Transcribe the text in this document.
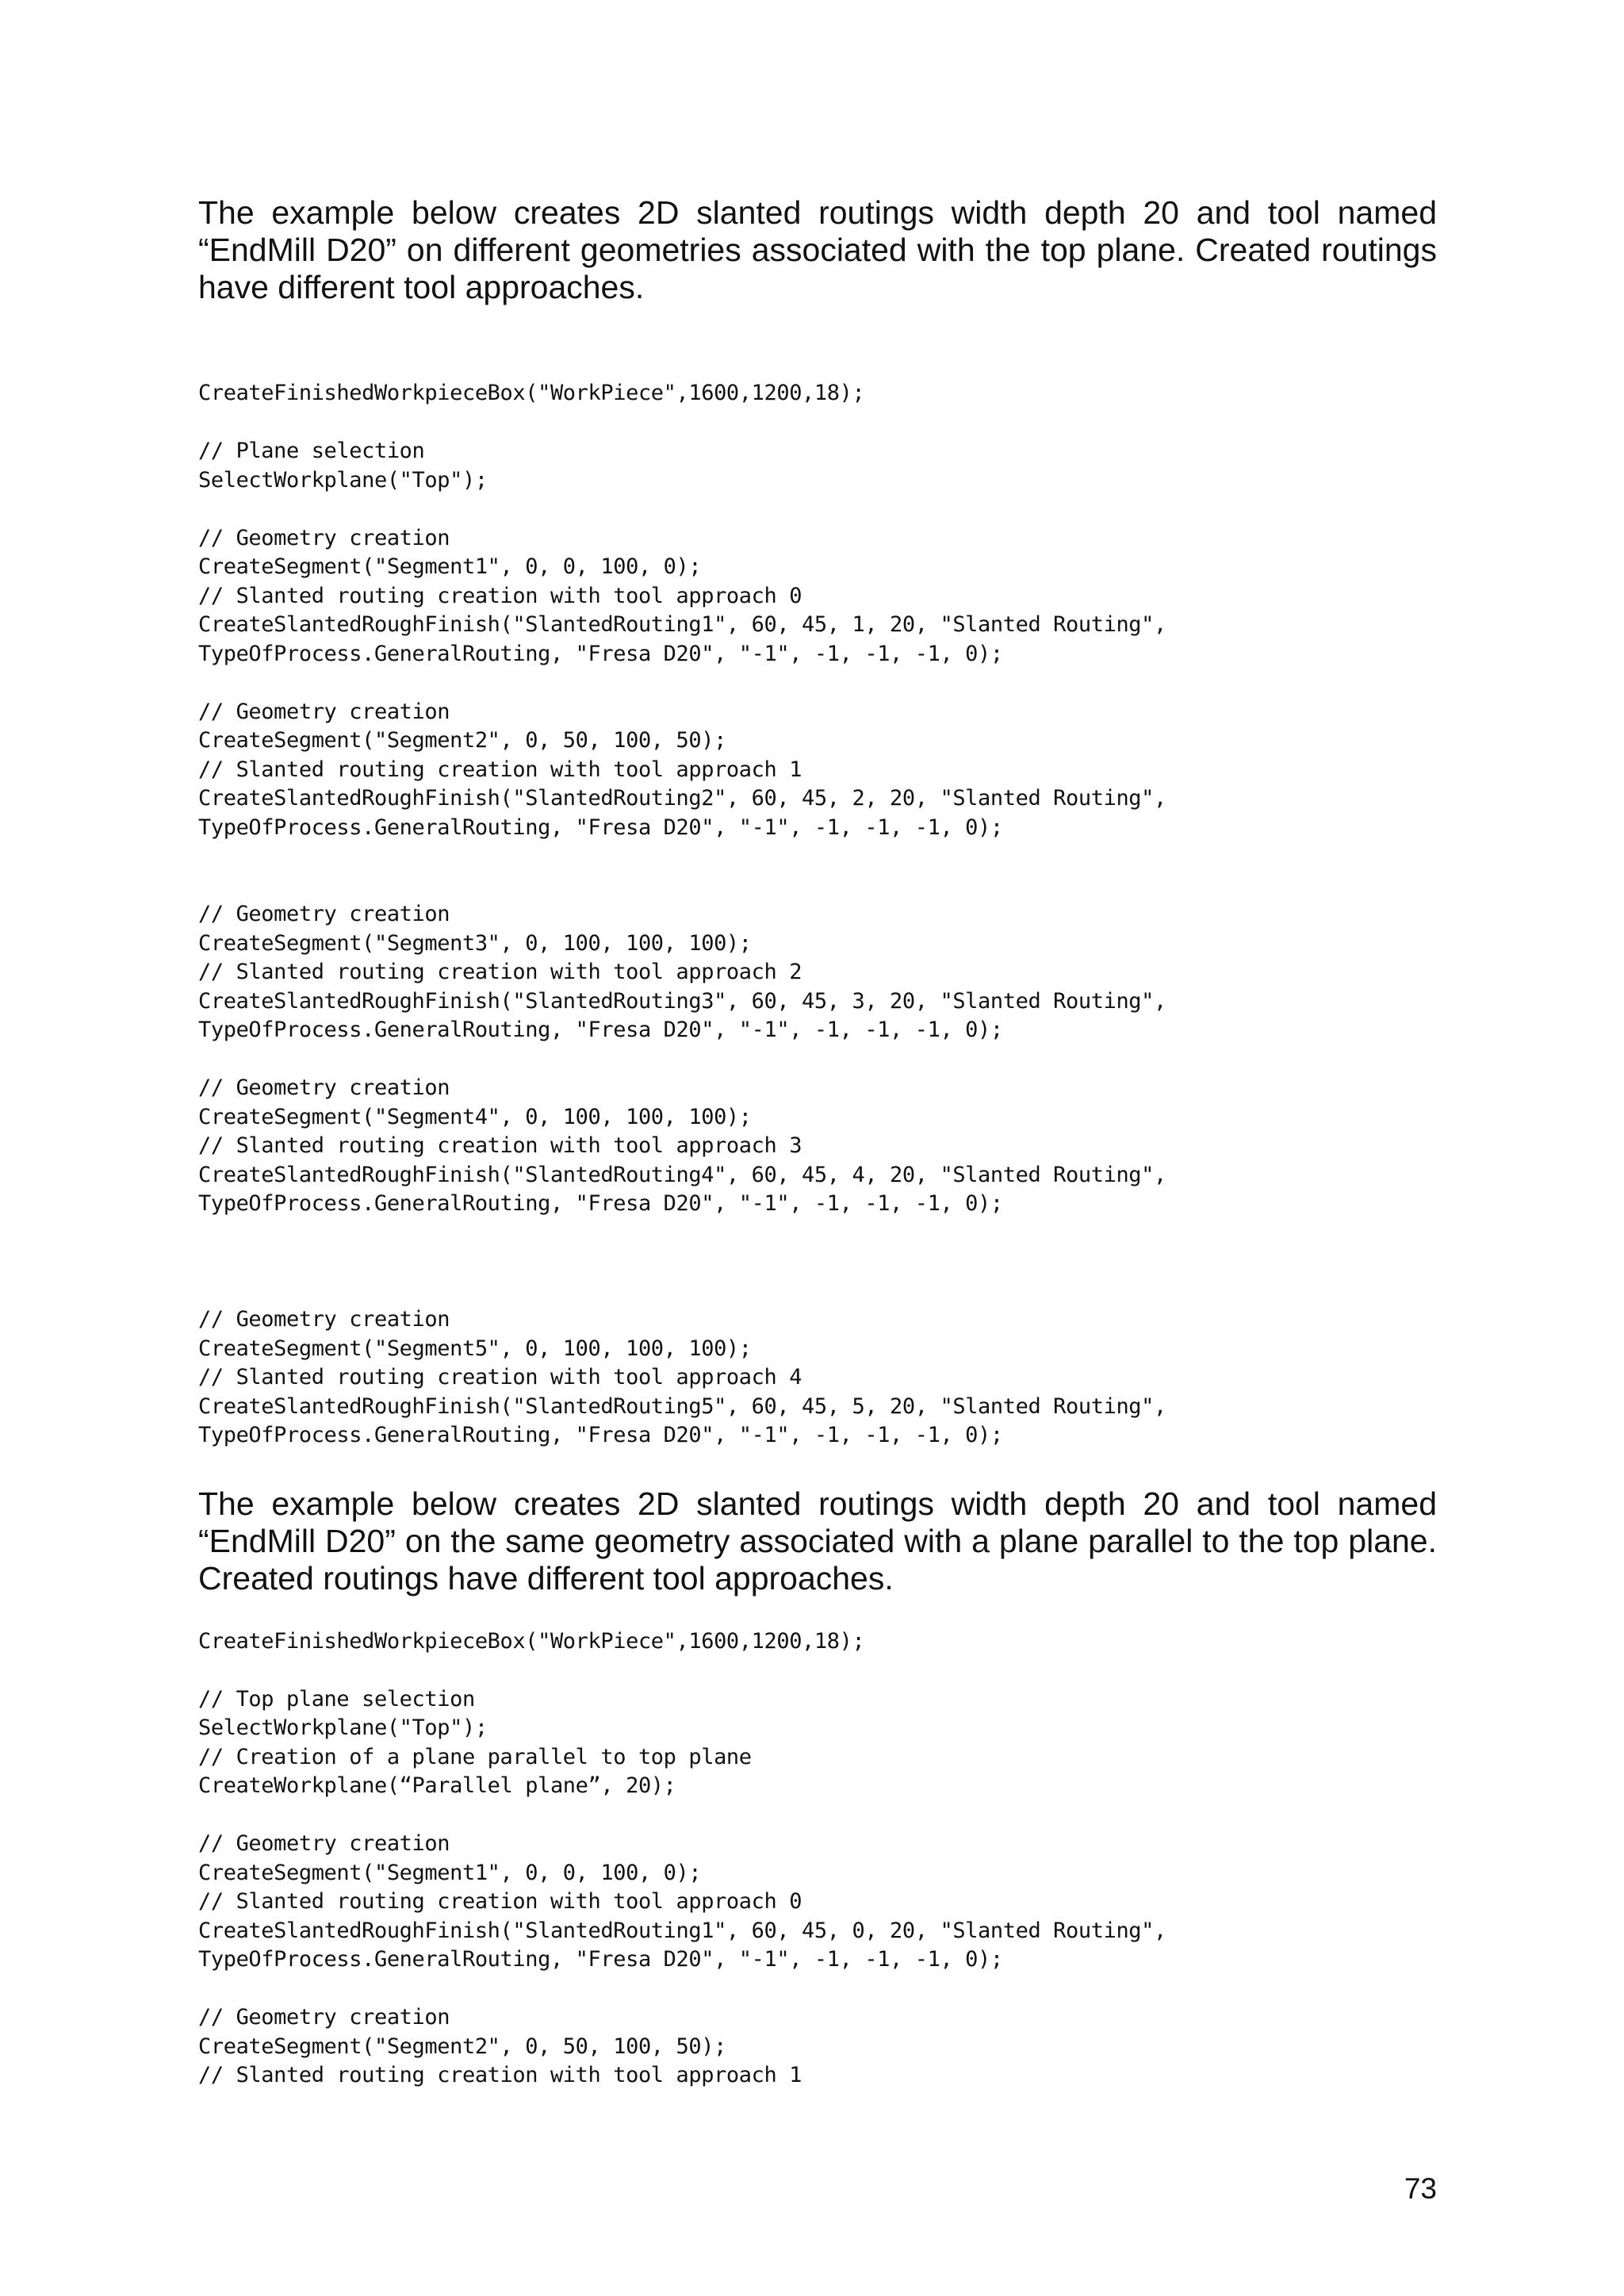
The example below creates 2D slanted routings width depth 20 and tool named “EndMill D20” on different geometries associated with the top plane. Created routings have different tool approaches.

CreateFinishedWorkpieceBox("WorkPiece",1600,1200,18);

// Plane selection
SelectWorkplane("Top");

// Geometry creation
CreateSegment("Segment1", 0, 0, 100, 0);
// Slanted routing creation with tool approach 0
CreateSlantedRoughFinish("SlantedRouting1", 60, 45, 1, 20, "Slanted Routing",
TypeOfProcess.GeneralRouting, "Fresa D20", "-1", -1, -1, -1, 0);

// Geometry creation
CreateSegment("Segment2", 0, 50, 100, 50);
// Slanted routing creation with tool approach 1
CreateSlantedRoughFinish("SlantedRouting2", 60, 45, 2, 20, "Slanted Routing",
TypeOfProcess.GeneralRouting, "Fresa D20", "-1", -1, -1, -1, 0);

// Geometry creation
CreateSegment("Segment3", 0, 100, 100, 100);
// Slanted routing creation with tool approach 2
CreateSlantedRoughFinish("SlantedRouting3", 60, 45, 3, 20, "Slanted Routing",
TypeOfProcess.GeneralRouting, "Fresa D20", "-1", -1, -1, -1, 0);

// Geometry creation
CreateSegment("Segment4", 0, 100, 100, 100);
// Slanted routing creation with tool approach 3
CreateSlantedRoughFinish("SlantedRouting4", 60, 45, 4, 20, "Slanted Routing",
TypeOfProcess.GeneralRouting, "Fresa D20", "-1", -1, -1, -1, 0);

// Geometry creation
CreateSegment("Segment5", 0, 100, 100, 100);
// Slanted routing creation with tool approach 4
CreateSlantedRoughFinish("SlantedRouting5", 60, 45, 5, 20, "Slanted Routing",
TypeOfProcess.GeneralRouting, "Fresa D20", "-1", -1, -1, -1, 0);

The example below creates 2D slanted routings width depth 20 and tool named “EndMill D20” on the same geometry associated with a plane parallel to the top plane. Created routings have different tool approaches.

CreateFinishedWorkpieceBox("WorkPiece",1600,1200,18);

// Top plane selection
SelectWorkplane("Top");
// Creation of a plane parallel to top plane
CreateWorkplane(“Parallel plane”, 20);

// Geometry creation
CreateSegment("Segment1", 0, 0, 100, 0);
// Slanted routing creation with tool approach 0
CreateSlantedRoughFinish("SlantedRouting1", 60, 45, 0, 20, "Slanted Routing",
TypeOfProcess.GeneralRouting, "Fresa D20", "-1", -1, -1, -1, 0);

// Geometry creation
CreateSegment("Segment2", 0, 50, 100, 50);
// Slanted routing creation with tool approach 1

73
